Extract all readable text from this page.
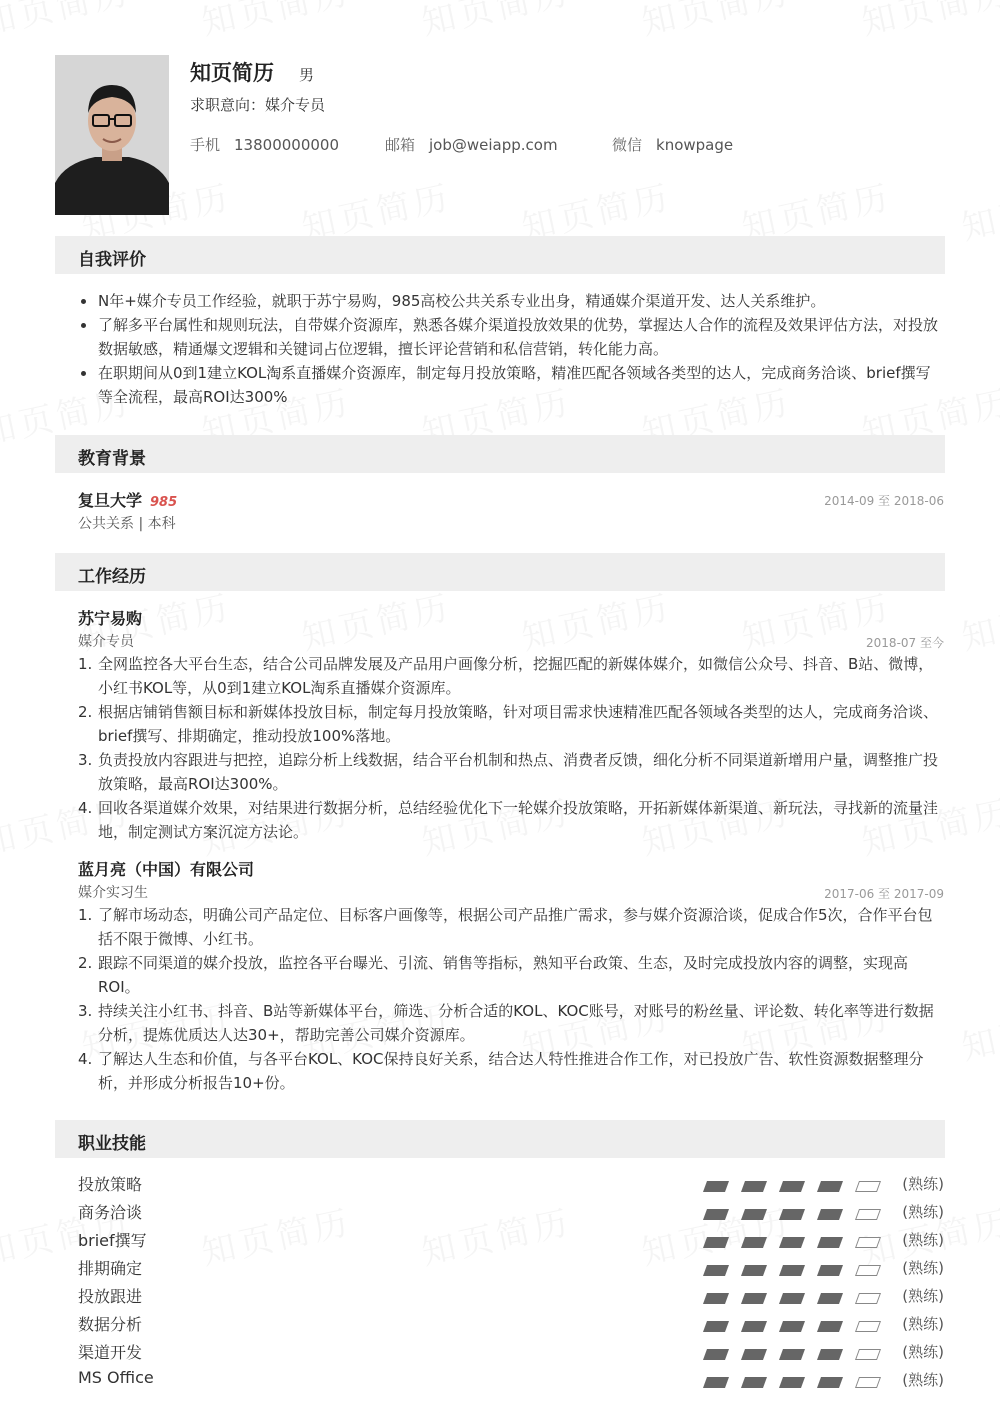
知页简历 男
求职意向：媒介专员
手机 13800000000	邮箱 job@weiapp.com	微信 knowpage
自我评价
N年+媒介专员工作经验，就职于苏宁易购，985高校公共关系专业出身，精通媒介渠道开发、达人关系维护。
了解多平台属性和规则玩法，自带媒介资源库，熟悉各媒介渠道投放效果的优势，掌握达人合作的流程及效果评估方法，对投放数据敏感，精通爆文逻辑和关键词占位逻辑，擅长评论营销和私信营销，转化能力高。
在职期间从0到1建立KOL淘系直播媒介资源库，制定每月投放策略，精准匹配各领域各类型的达人，完成商务洽谈、brief撰写等全流程，最高ROI达300%
教育背景
复旦大学 985	2014-09 至 2018-06
公共关系 | 本科
工作经历
苏宁易购
媒介专员	2018-07 至今
全网监控各大平台生态，结合公司品牌发展及产品用户画像分析，挖掘匹配的新媒体媒介，如微信公众号、抖音、B站、微博，小红书KOL等，从0到1建立KOL淘系直播媒介资源库。
根据店铺销售额目标和新媒体投放目标，制定每月投放策略，针对项目需求快速精准匹配各领域各类型的达人，完成商务洽谈、brief撰写、排期确定，推动投放100%落地。
负责投放内容跟进与把控，追踪分析上线数据，结合平台机制和热点、消费者反馈，细化分析不同渠道新增用户量，调整推广投放策略，最高ROI达300%。
回收各渠道媒介效果，对结果进行数据分析，总结经验优化下一轮媒介投放策略，开拓新媒体新渠道、新玩法，寻找新的流量洼地，制定测试方案沉淀方法论。
蓝月亮（中国）有限公司
媒介实习生	2017-06 至 2017-09
了解市场动态，明确公司产品定位、目标客户画像等，根据公司产品推广需求，参与媒介资源洽谈，促成合作5次，合作平台包括不限于微博、小红书。
跟踪不同渠道的媒介投放，监控各平台曝光、引流、销售等指标，熟知平台政策、生态，及时完成投放内容的调整，实现高ROI。
持续关注小红书、抖音、B站等新媒体平台，筛选、分析合适的KOL、KOC账号，对账号的粉丝量、评论数、转化率等进行数据分析，提炼优质达人达30+，帮助完善公司媒介资源库。
了解达人生态和价值，与各平台KOL、KOC保持良好关系，结合达人特性推进合作工作，对已投放广告、软性资源数据整理分析，并形成分析报告10+份。
职业技能
投放策略	(熟练)
商务洽谈	(熟练)
brief撰写	(熟练)
排期确定	(熟练)
投放跟进	(熟练)
数据分析	(熟练)
渠道开发	(熟练)
MS Office	(熟练)
